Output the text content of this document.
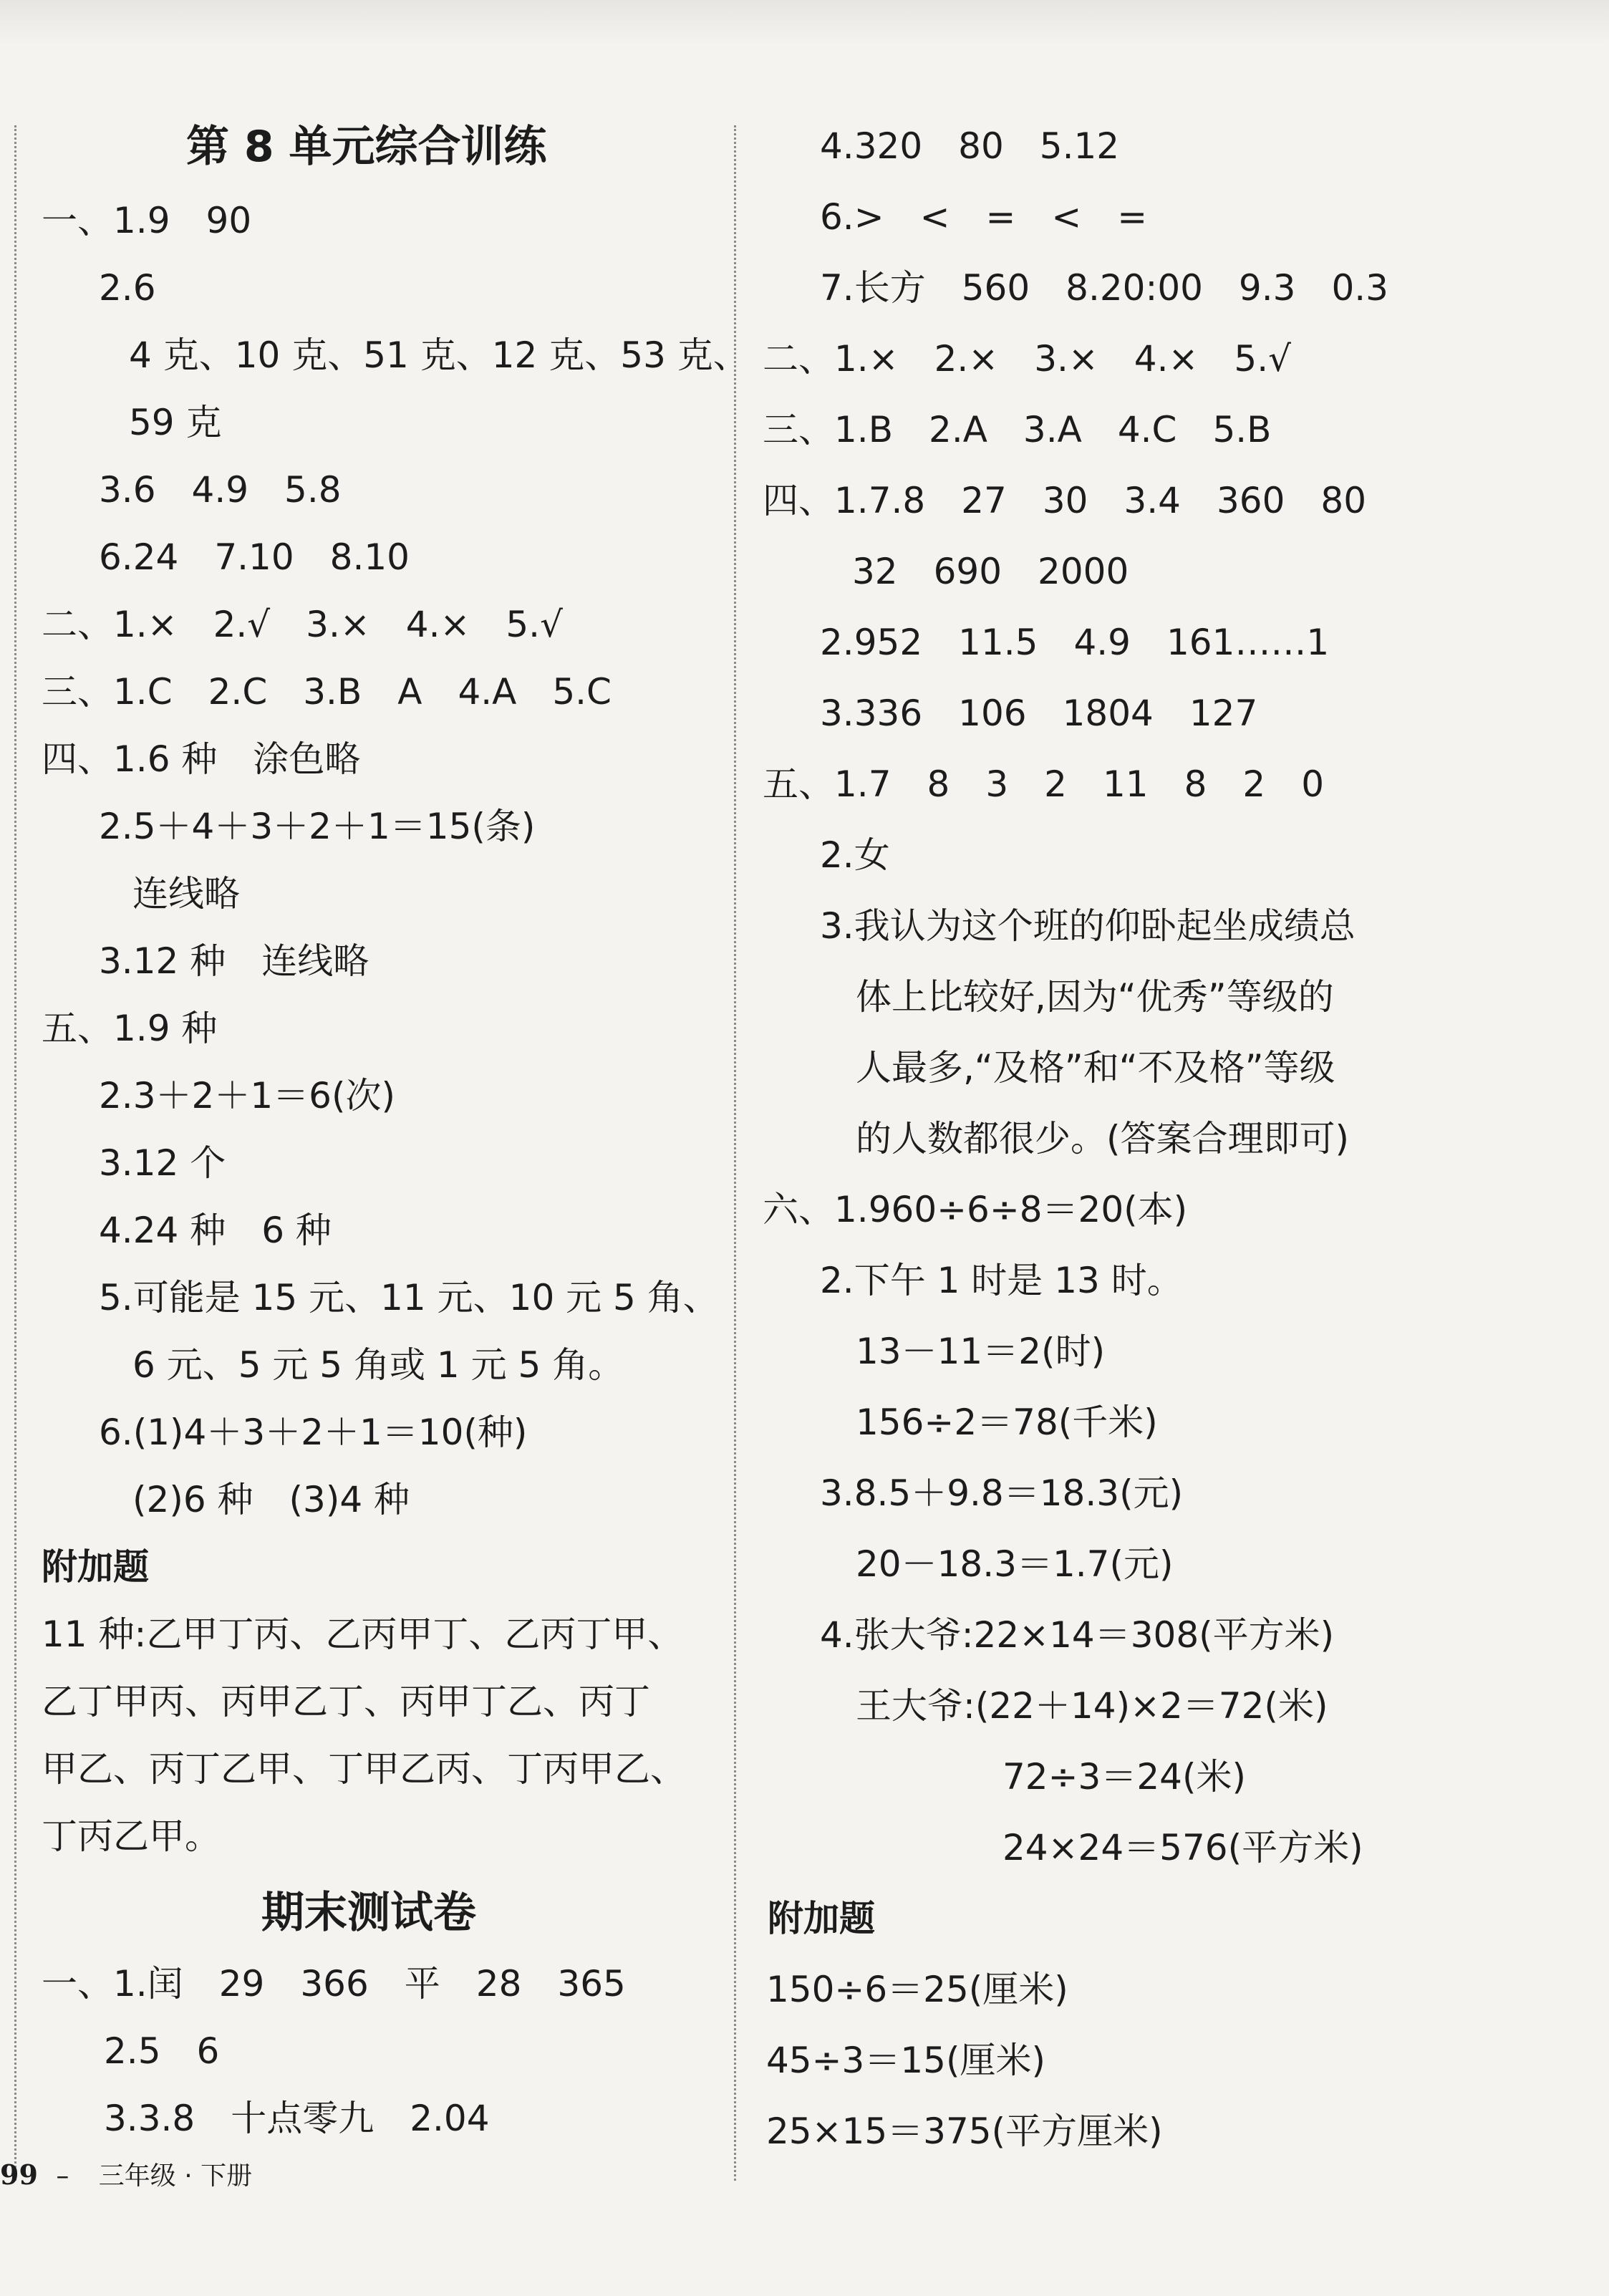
第 8 单元综合训练
一、1.9　90
2.6
4 克、10 克、51 克、12 克、53 克、
59 克
3.6　4.9　5.8
6.24　7.10　8.10
二、1.×　2.√　3.×　4.×　5.√
三、1.C　2.C　3.B　A　4.A　5.C
四、1.6 种　涂色略
2.5＋4＋3＋2＋1＝15(条)
连线略
3.12 种　连线略
五、1.9 种
2.3＋2＋1＝6(次)
3.12 个
4.24 种　6 种
5.可能是 15 元、11 元、10 元 5 角、
6 元、5 元 5 角或 1 元 5 角。
6.(1)4＋3＋2＋1＝10(种)
(2)6 种　(3)4 种
附加题
11 种:乙甲丁丙、乙丙甲丁、乙丙丁甲、
乙丁甲丙、丙甲乙丁、丙甲丁乙、丙丁
甲乙、丙丁乙甲、丁甲乙丙、丁丙甲乙、
丁丙乙甲。
期末测试卷
一、1.闰　29　366　平　28　365
2.5　6
3.3.8　十点零九　2.04
4.320　80　5.12
6.>　<　=　<　=
7.长方　560　8.20:00　9.3　0.3
二、1.×　2.×　3.×　4.×　5.√
三、1.B　2.A　3.A　4.C　5.B
四、1.7.8　27　30　3.4　360　80
32　690　2000
2.952　11.5　4.9　161……1
3.336　106　1804　127
五、1.7　8　3　2　11　8　2　0
2.女
3.我认为这个班的仰卧起坐成绩总
体上比较好,因为“优秀”等级的
人最多,“及格”和“不及格”等级
的人数都很少。(答案合理即可)
六、1.960÷6÷8＝20(本)
2.下午 1 时是 13 时。
13－11＝2(时)
156÷2＝78(千米)
3.8.5＋9.8＝18.3(元)
20－18.3＝1.7(元)
4.张大爷:22×14＝308(平方米)
王大爷:(22＋14)×2＝72(米)
72÷3＝24(米)
24×24＝576(平方米)
附加题
150÷6＝25(厘米)
45÷3＝15(厘米)
25×15＝375(平方厘米)
99 – 三年级 · 下册
